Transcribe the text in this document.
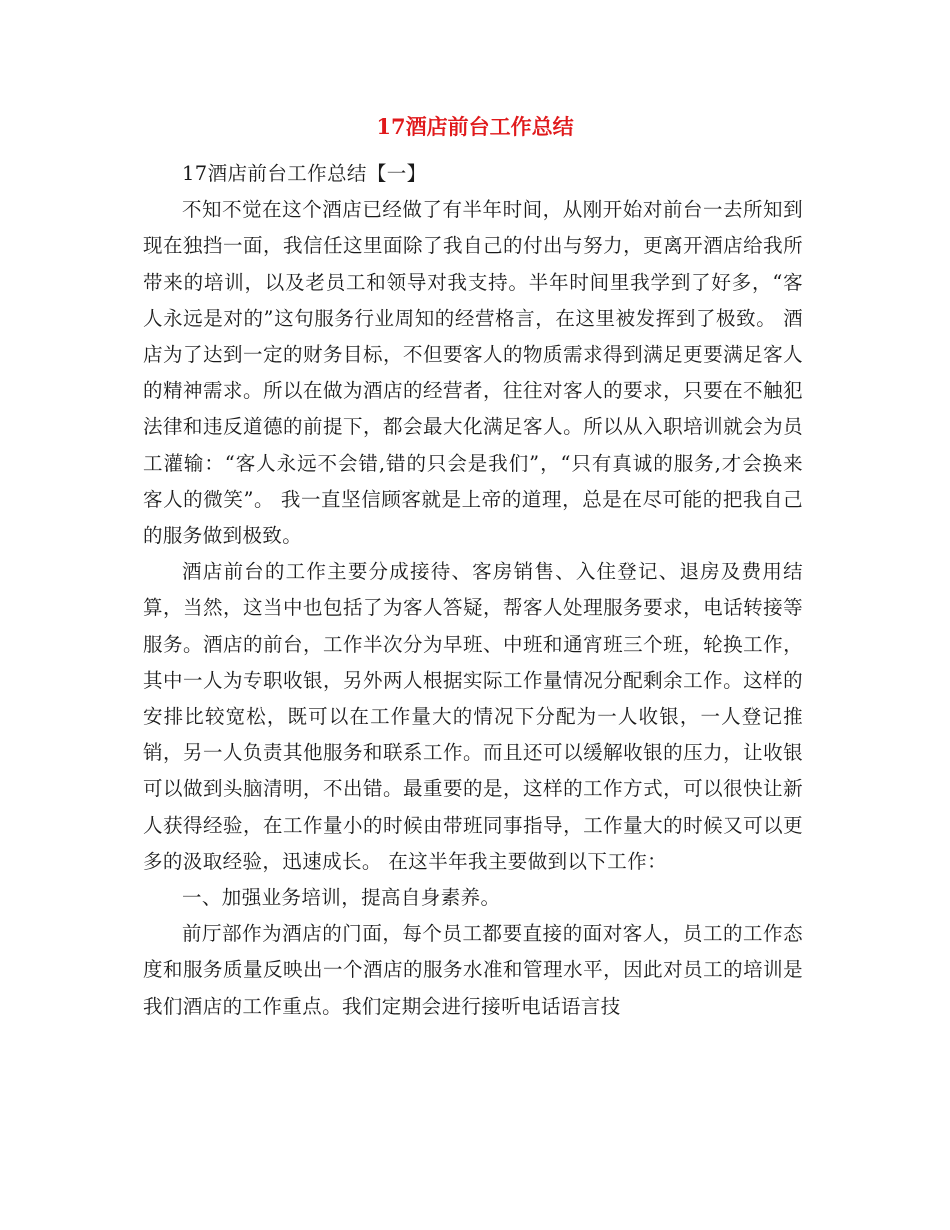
17酒店前台工作总结

17酒店前台工作总结【一】

不知不觉在这个酒店已经做了有半年时间，从刚开始对前台一去所知到现在独挡一面，我信任这里面除了我自己的付出与努力，更离开酒店给我所带来的培训，以及老员工和领导对我支持。半年时间里我学到了好多，“客人永远是对的”这句服务行业周知的经营格言，在这里被发挥到了极致。 酒店为了达到一定的财务目标，不但要客人的物质需求得到满足更要满足客人的精神需求。所以在做为酒店的经营者，往往对客人的要求，只要在不触犯法律和违反道德的前提下，都会最大化满足客人。所以从入职培训就会为员工灌输：“客人永远不会错,错的只会是我们”，“只有真诚的服务,才会换来客人的微笑”。 我一直坚信顾客就是上帝的道理，总是在尽可能的把我自己的服务做到极致。

酒店前台的工作主要分成接待、客房销售、入住登记、退房及费用结算，当然，这当中也包括了为客人答疑，帮客人处理服务要求，电话转接等服务。酒店的前台，工作半次分为早班、中班和通宵班三个班，轮换工作，其中一人为专职收银，另外两人根据实际工作量情况分配剩余工作。这样的安排比较宽松，既可以在工作量大的情况下分配为一人收银，一人登记推销，另一人负责其他服务和联系工作。而且还可以缓解收银的压力，让收银可以做到头脑清明，不出错。最重要的是，这样的工作方式，可以很快让新人获得经验，在工作量小的时候由带班同事指导，工作量大的时候又可以更多的汲取经验，迅速成长。 在这半年我主要做到以下工作：

一、加强业务培训，提高自身素养。

前厅部作为酒店的门面，每个员工都要直接的面对客人，员工的工作态度和服务质量反映出一个酒店的服务水准和管理水平，因此对员工的培训是我们酒店的工作重点。我们定期会进行接听电话语言技
